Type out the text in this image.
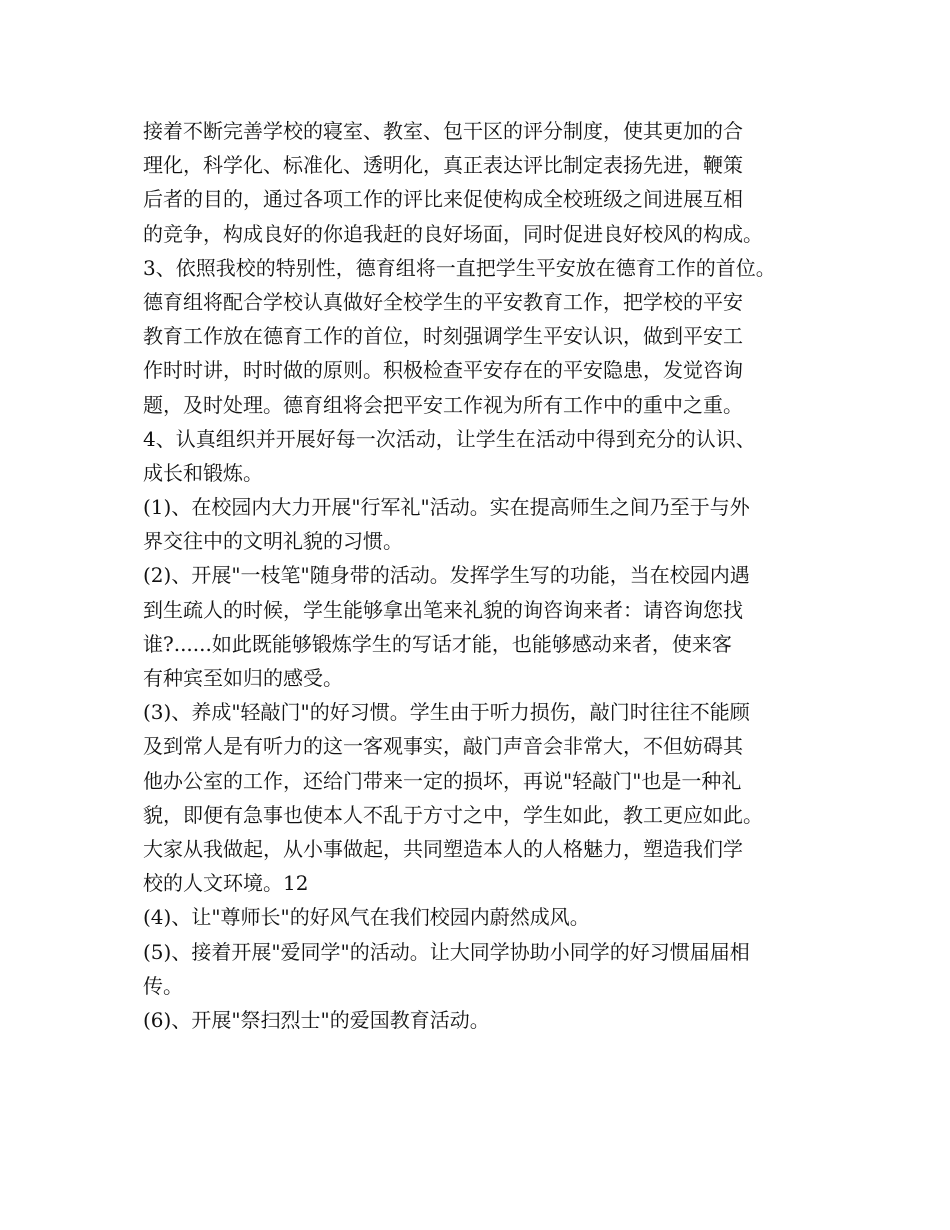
接着不断完善学校的寝室、教室、包干区的评分制度，使其更加的合
理化，科学化、标准化、透明化，真正表达评比制定表扬先进，鞭策
后者的目的，通过各项工作的评比来促使构成全校班级之间进展互相
的竞争，构成良好的你追我赶的良好场面，同时促进良好校风的构成。
3、依照我校的特别性，德育组将一直把学生平安放在德育工作的首位。
德育组将配合学校认真做好全校学生的平安教育工作，把学校的平安
教育工作放在德育工作的首位，时刻强调学生平安认识，做到平安工
作时时讲，时时做的原则。积极检查平安存在的平安隐患，发觉咨询
题，及时处理。德育组将会把平安工作视为所有工作中的重中之重。
4、认真组织并开展好每一次活动，让学生在活动中得到充分的认识、
成长和锻炼。
(1)、在校园内大力开展"行军礼"活动。实在提高师生之间乃至于与外
界交往中的文明礼貌的习惯。
(2)、开展"一枝笔"随身带的活动。发挥学生写的功能，当在校园内遇
到生疏人的时候，学生能够拿出笔来礼貌的询咨询来者：请咨询您找
谁?......如此既能够锻炼学生的写话才能，也能够感动来者，使来客
有种宾至如归的感受。
(3)、养成"轻敲门"的好习惯。学生由于听力损伤，敲门时往往不能顾
及到常人是有听力的这一客观事实，敲门声音会非常大，不但妨碍其
他办公室的工作，还给门带来一定的损坏，再说"轻敲门"也是一种礼
貌，即便有急事也使本人不乱于方寸之中，学生如此，教工更应如此。
大家从我做起，从小事做起，共同塑造本人的人格魅力，塑造我们学
校的人文环境。12
(4)、让"尊师长"的好风气在我们校园内蔚然成风。
(5)、接着开展"爱同学"的活动。让大同学协助小同学的好习惯届届相
传。
(6)、开展"祭扫烈士"的爱国教育活动。
